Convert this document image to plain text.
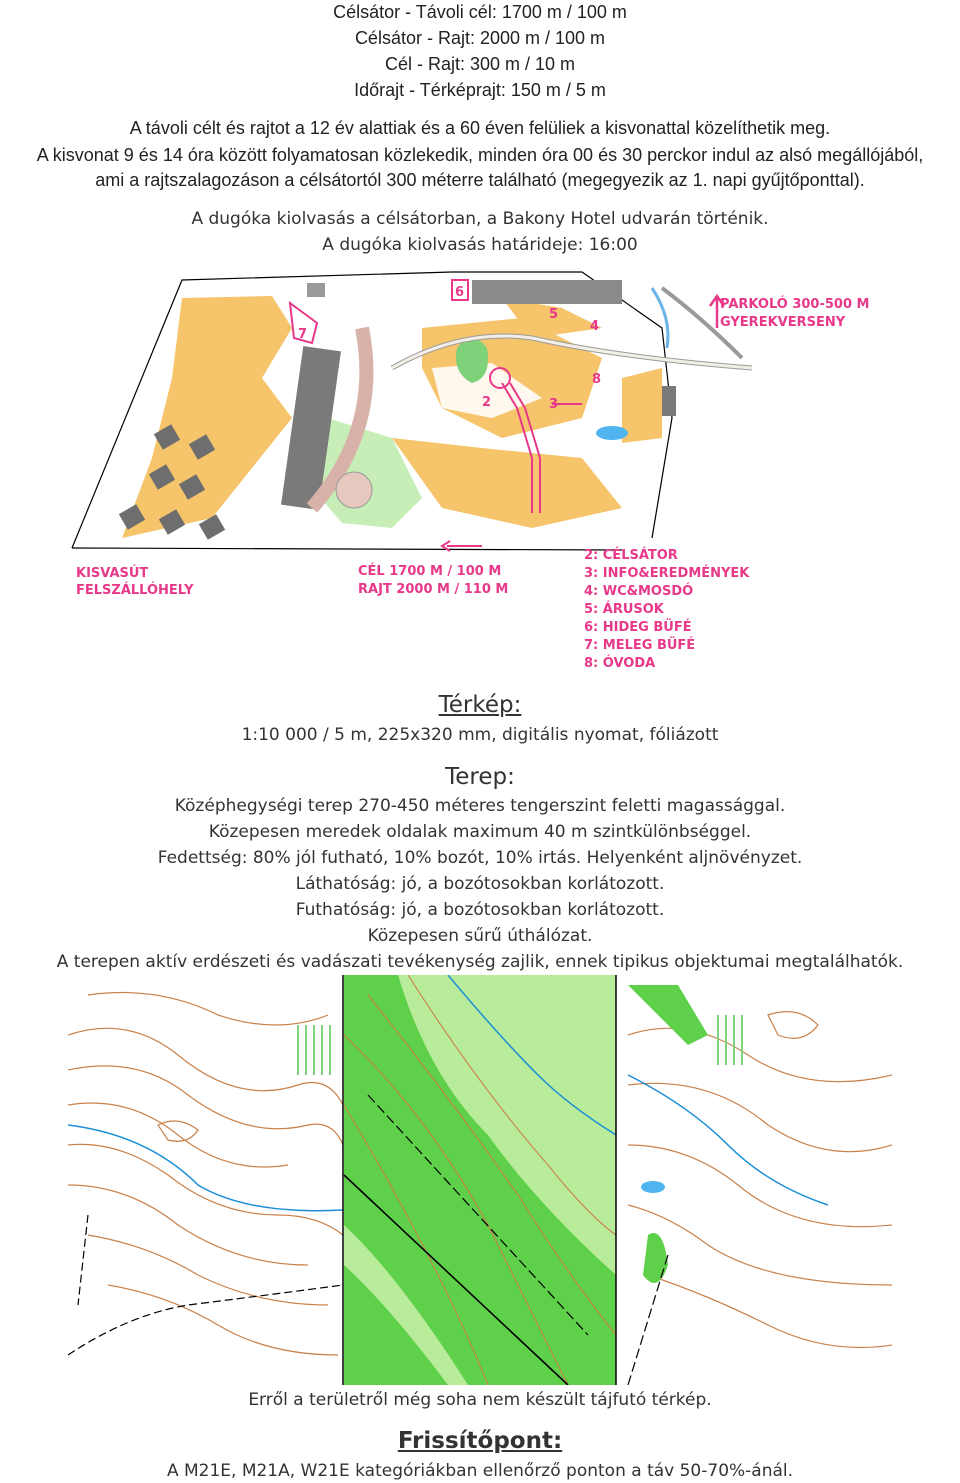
Célsátor - Távoli cél: 1700 m / 100 m
Célsátor - Rajt: 2000 m / 100 m
Cél - Rajt: 300 m / 10 m
Időrajt - Térképrajt: 150 m / 5 m
A távoli célt és rajtot a 12 év alattiak és a 60 éven felüliek a kisvonattal közelíthetik meg.
A kisvonat 9 és 14 óra között folyamatosan közlekedik, minden óra 00 és 30 perckor indul az alsó megállójából,
ami a rajtszalagozáson a célsátortól 300 méterre található (megegyezik az 1. napi gyűjtőponttal).
A dugóka kiolvasás a célsátorban, a Bakony Hotel udvarán történik.
A dugóka kiolvasás határideje: 16:00
2	3
4
5
6
7
8
PARKOLÓ 300-500 M
GYEREKVERSENY
KISVASÚT
FELSZÁLLÓHELY
CÉL 1700 M / 100 M
RAJT 2000 M / 110 M
2: CÉLSÁTOR
3: INFO&EREDMÉNYEK
4: WC&MOSDÓ
5: ÁRUSOK
6: HIDEG BÜFÉ
7: MELEG BÜFÉ
8: ÓVODA
Térkép:
1:10 000 / 5 m, 225x320 mm, digitális nyomat, fóliázott
Terep:
Középhegységi terep 270-450 méteres tengerszint feletti magassággal.
Közepesen meredek oldalak maximum 40 m szintkülönbséggel.
Fedettség: 80% jól futható, 10% bozót, 10% irtás. Helyenként aljnövényzet.
Láthatóság: jó, a bozótosokban korlátozott.
Futhatóság: jó, a bozótosokban korlátozott.
Közepesen sűrű úthálózat.
A terepen aktív erdészeti és vadászati tevékenység zajlik, ennek tipikus objektumai megtalálhatók.
Erről a területről még soha nem készült tájfutó térkép.
Frissítőpont:
A M21E, M21A, W21E kategóriákban ellenőrző ponton a táv 50-70%-ánál.
